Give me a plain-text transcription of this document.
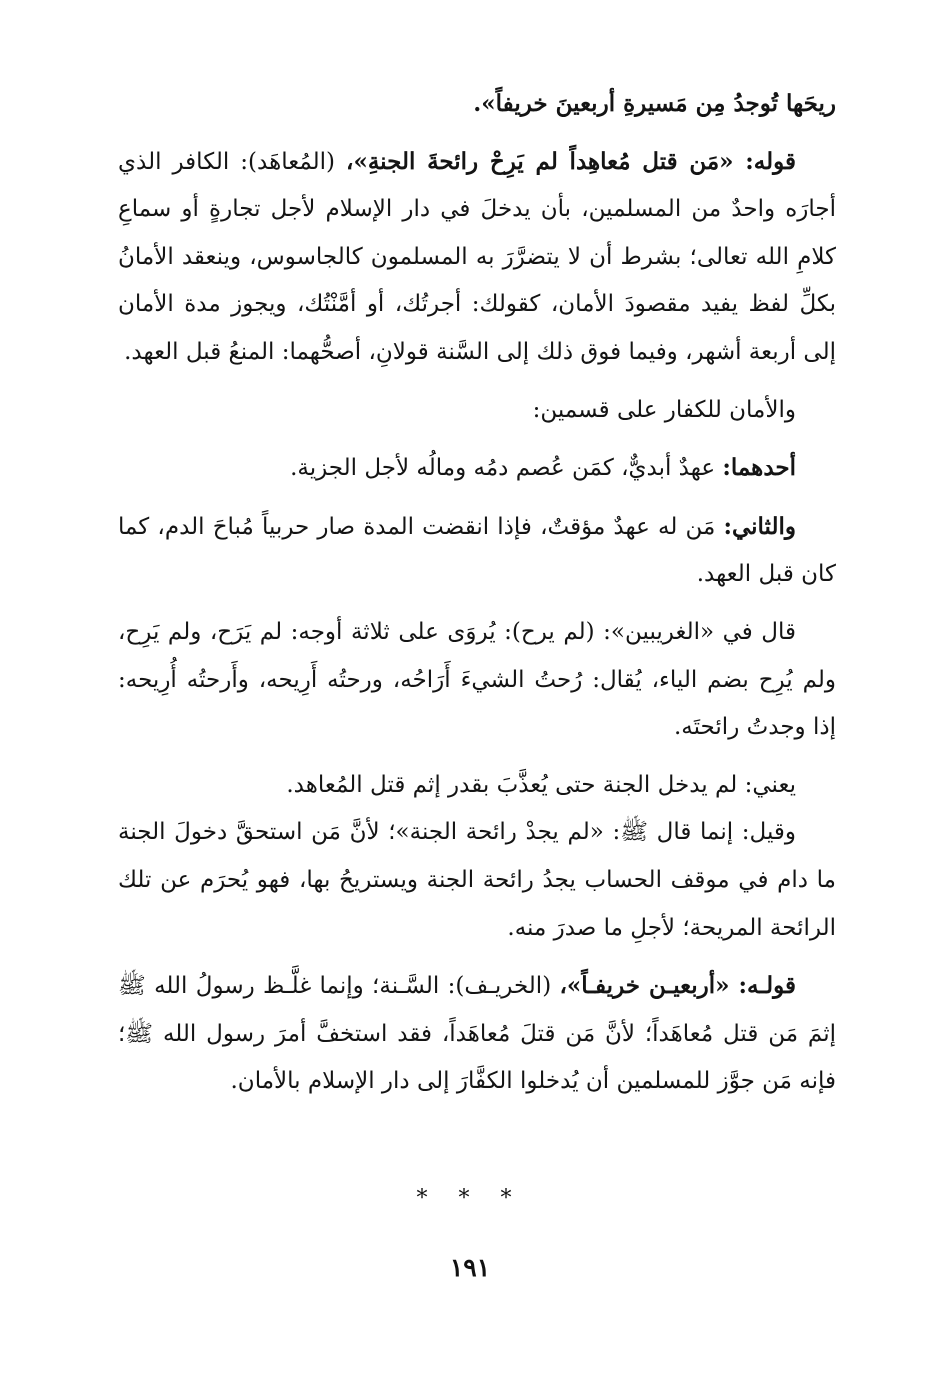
ريحَها تُوجدُ مِن مَسيرةِ أربعينَ خريفاً».

قوله: «مَن قتل مُعاهِداً لم يَرِحْ رائحةَ الجنةِ»، (المُعاهَد): الكافر الذي أجارَه واحدٌ من المسلمين، بأن يدخلَ في دار الإسلام لأجل تجارةٍ أو سماعِ كلامِ الله تعالى؛ بشرط أن لا يتضرَّرَ به المسلمون كالجاسوس، وينعقد الأمانُ بكلِّ لفظ يفيد مقصودَ الأمان، كقولك: أجرتُك، أو أمَّنْتُك، ويجوز مدة الأمان إلى أربعة أشهر، وفيما فوق ذلك إلى السَّنة قولانِ، أصحُّهما: المنعُ قبل العهد.

والأمان للكفار على قسمين:

أحدهما: عهدٌ أبديٌّ، كمَن عُصم دمُه ومالُه لأجل الجزية.

والثاني: مَن له عهدٌ مؤقتٌ، فإذا انقضت المدة صار حربياً مُباحَ الدم، كما كان قبل العهد.

قال في «الغريبين»: (لم يرح): يُروَى على ثلاثة أوجه: لم يَرَح، ولم يَرِح، ولم يُرِح بضم الياء، يُقال: رُحتُ الشيءَ أَرَاحُه، ورحتُه أَرِيحه، وأَرحتُه أُرِيحه: إذا وجدتُ رائحتَه.

يعني: لم يدخل الجنة حتى يُعذَّبَ بقدر إثم قتل المُعاهد.

وقيل: إنما قال ﷺ: «لم يجدْ رائحة الجنة»؛ لأنَّ مَن استحقَّ دخولَ الجنة ما دام في موقف الحساب يجدُ رائحة الجنة ويستريحُ بها، فهو يُحرَم عن تلك الرائحة المريحة؛ لأجلِ ما صدرَ منه.

قولـه: «أربعيـن خريفـاً»، (الخريـف): السَّـنة؛ وإنما غلَّـظ رسولُ الله ﷺ إثمَ مَن قتل مُعاهَداً؛ لأنَّ مَن قتلَ مُعاهَداً، فقد استخفَّ أمرَ رسول الله ﷺ؛ فإنه مَن جوَّز للمسلمين أن يُدخلوا الكفَّارَ إلى دار الإسلام بالأمان.

* * *
١٩١
